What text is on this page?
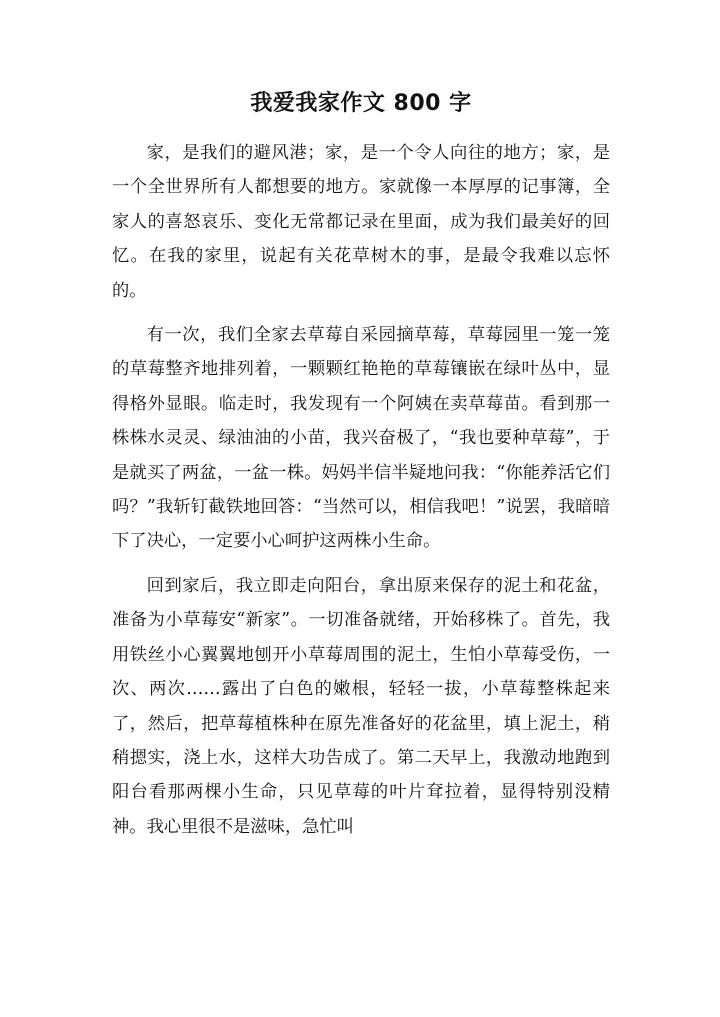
我爱我家作文 800 字

家，是我们的避风港；家，是一个令人向往的地方；家，是一个全世界所有人都想要的地方。家就像一本厚厚的记事簿，全家人的喜怒哀乐、变化无常都记录在里面，成为我们最美好的回忆。在我的家里，说起有关花草树木的事，是最令我难以忘怀的。

有一次，我们全家去草莓自采园摘草莓，草莓园里一笼一笼的草莓整齐地排列着，一颗颗红艳艳的草莓镶嵌在绿叶丛中，显得格外显眼。临走时，我发现有一个阿姨在卖草莓苗。看到那一株株水灵灵、绿油油的小苗，我兴奋极了，“我也要种草莓”，于是就买了两盆，一盆一株。妈妈半信半疑地问我：“你能养活它们吗？”我斩钉截铁地回答：“当然可以，相信我吧！”说罢，我暗暗下了决心，一定要小心呵护这两株小生命。

回到家后，我立即走向阳台，拿出原来保存的泥土和花盆，准备为小草莓安“新家”。一切准备就绪，开始移株了。首先，我用铁丝小心翼翼地刨开小草莓周围的泥土，生怕小草莓受伤，一次、两次……露出了白色的嫩根，轻轻一拔，小草莓整株起来了，然后，把草莓植株种在原先准备好的花盆里，填上泥土，稍稍摁实，浇上水，这样大功告成了。第二天早上，我激动地跑到阳台看那两棵小生命，只见草莓的叶片耷拉着，显得特别没精神。我心里很不是滋味，急忙叫
